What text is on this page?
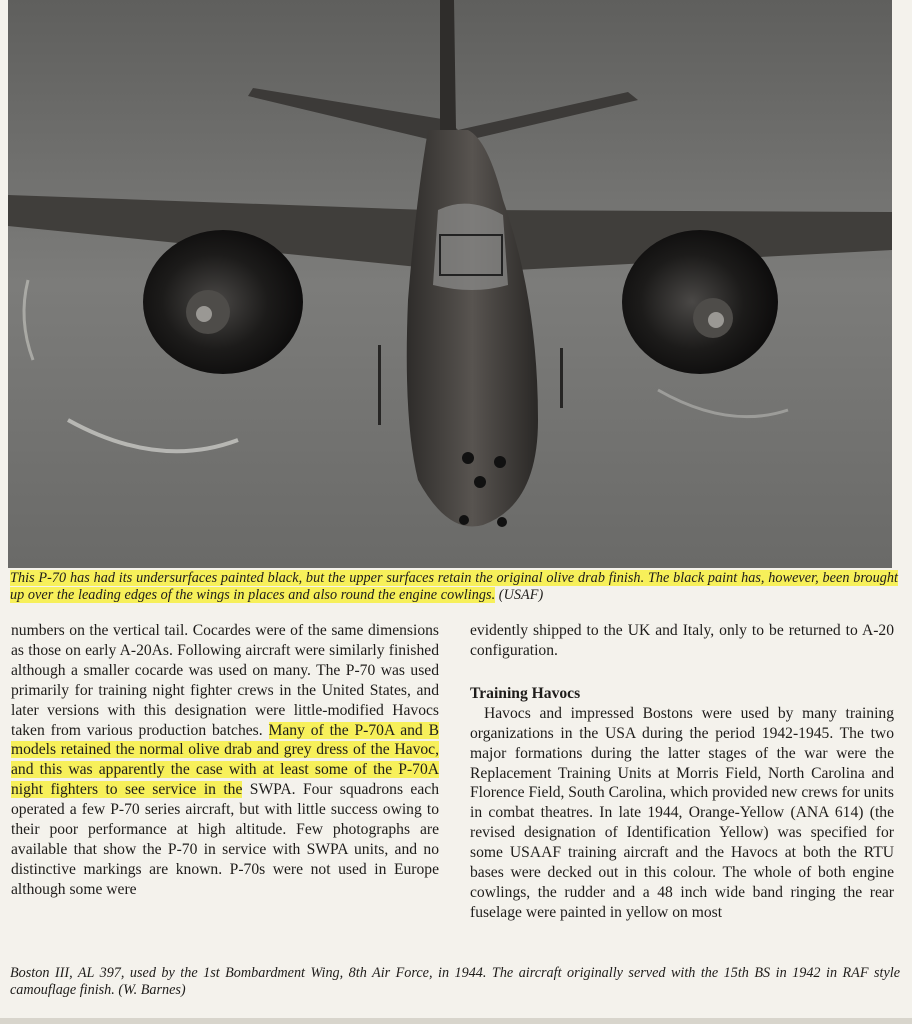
This P-70 has had its undersurfaces painted black, but the upper surfaces retain the original olive drab finish. The black paint has, however, been brought up over the leading edges of the wings in places and also round the engine cowlings. (USAF)

numbers on the vertical tail. Cocardes were of the same dimensions as those on early A-20As. Following aircraft were similarly finished although a smaller cocarde was used on many. The P-70 was used primarily for training night fighter crews in the United States, and later versions with this designation were little-modified Havocs taken from various production batches. Many of the P-70A and B models retained the normal olive drab and grey dress of the Havoc, and this was apparently the case with at least some of the P-70A night fighters to see service in the SWPA. Four squadrons each operated a few P-70 series aircraft, but with little success owing to their poor performance at high altitude. Few photographs are available that show the P-70 in service with SWPA units, and no distinctive markings are known. P-70s were not used in Europe although some were

evidently shipped to the UK and Italy, only to be returned to A-20 configuration.

Training Havocs

Havocs and impressed Bostons were used by many training organizations in the USA during the period 1942-1945. The two major formations during the latter stages of the war were the Replacement Training Units at Morris Field, North Carolina and Florence Field, South Carolina, which provided new crews for units in combat theatres. In late 1944, Orange-Yellow (ANA 614) (the revised designation of Identification Yellow) was specified for some USAAF training aircraft and the Havocs at both the RTU bases were decked out in this colour. The whole of both engine cowlings, the rudder and a 48 inch wide band ringing the rear fuselage were painted in yellow on most

Boston III, AL 397, used by the 1st Bombardment Wing, 8th Air Force, in 1944. The aircraft originally served with the 15th BS in 1942 in RAF style camouflage finish. (W. Barnes)
